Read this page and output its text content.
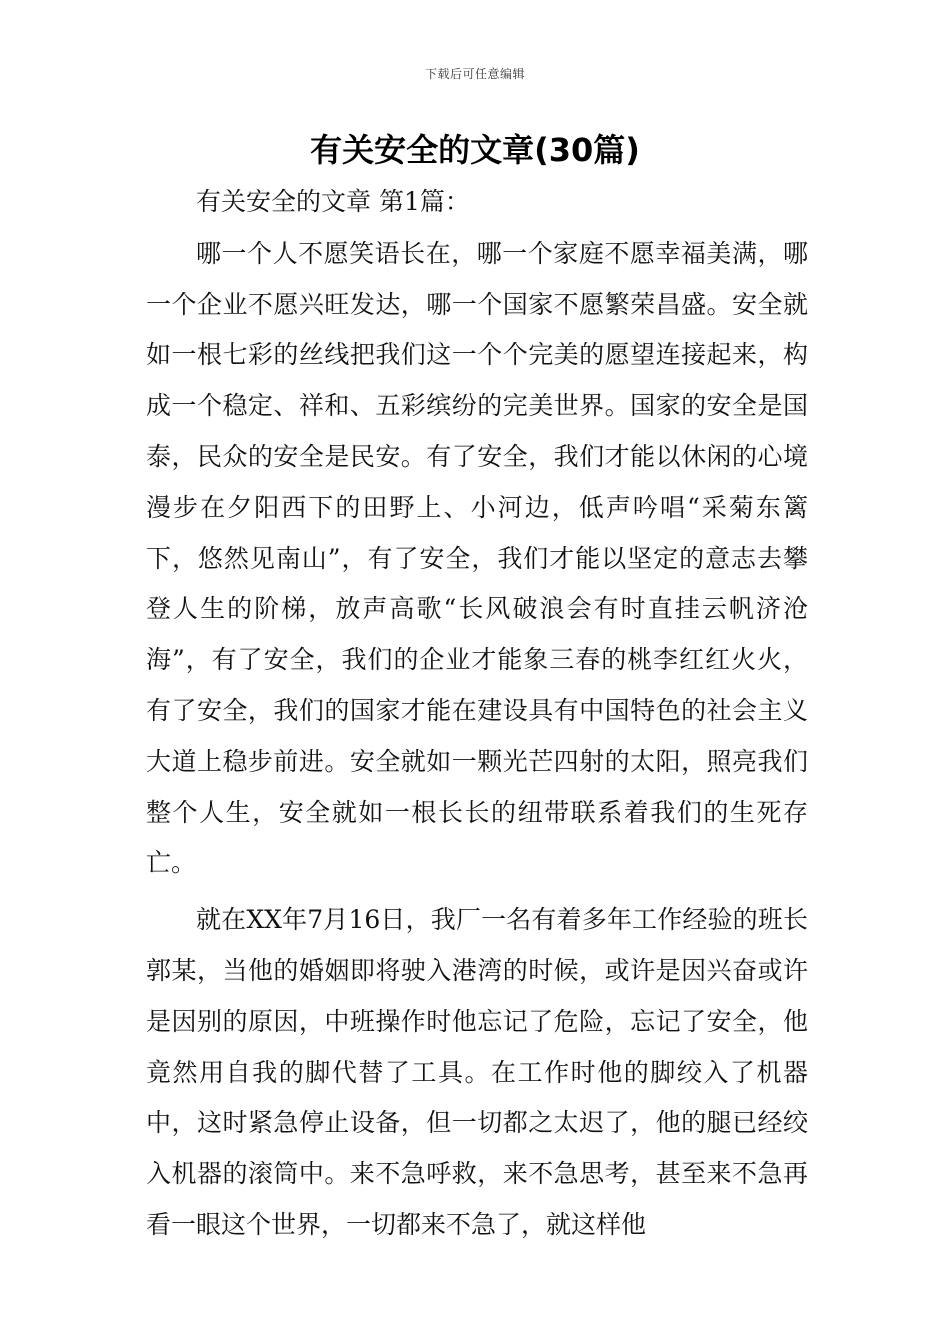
下载后可任意编辑
有关安全的文章(30篇)

有关安全的文章 第1篇：

哪一个人不愿笑语长在，哪一个家庭不愿幸福美满，哪一个企业不愿兴旺发达，哪一个国家不愿繁荣昌盛。安全就如一根七彩的丝线把我们这一个个完美的愿望连接起来，构成一个稳定、祥和、五彩缤纷的完美世界。国家的安全是国泰，民众的安全是民安。有了安全，我们才能以休闲的心境漫步在夕阳西下的田野上、小河边，低声吟唱“采菊东篱下，悠然见南山”，有了安全，我们才能以坚定的意志去攀登人生的阶梯，放声高歌“长风破浪会有时直挂云帆济沧海”，有了安全，我们的企业才能象三春的桃李红红火火，有了安全，我们的国家才能在建设具有中国特色的社会主义大道上稳步前进。安全就如一颗光芒四射的太阳，照亮我们整个人生，安全就如一根长长的纽带联系着我们的生死存亡。

就在XX年7月16日，我厂一名有着多年工作经验的班长郭某，当他的婚姻即将驶入港湾的时候，或许是因兴奋或许是因别的原因，中班操作时他忘记了危险，忘记了安全，他竟然用自我的脚代替了工具。在工作时他的脚绞入了机器中，这时紧急停止设备，但一切都之太迟了，他的腿已经绞入机器的滚筒中。来不急呼救，来不急思考，甚至来不急再看一眼这个世界，一切都来不急了，就这样他
